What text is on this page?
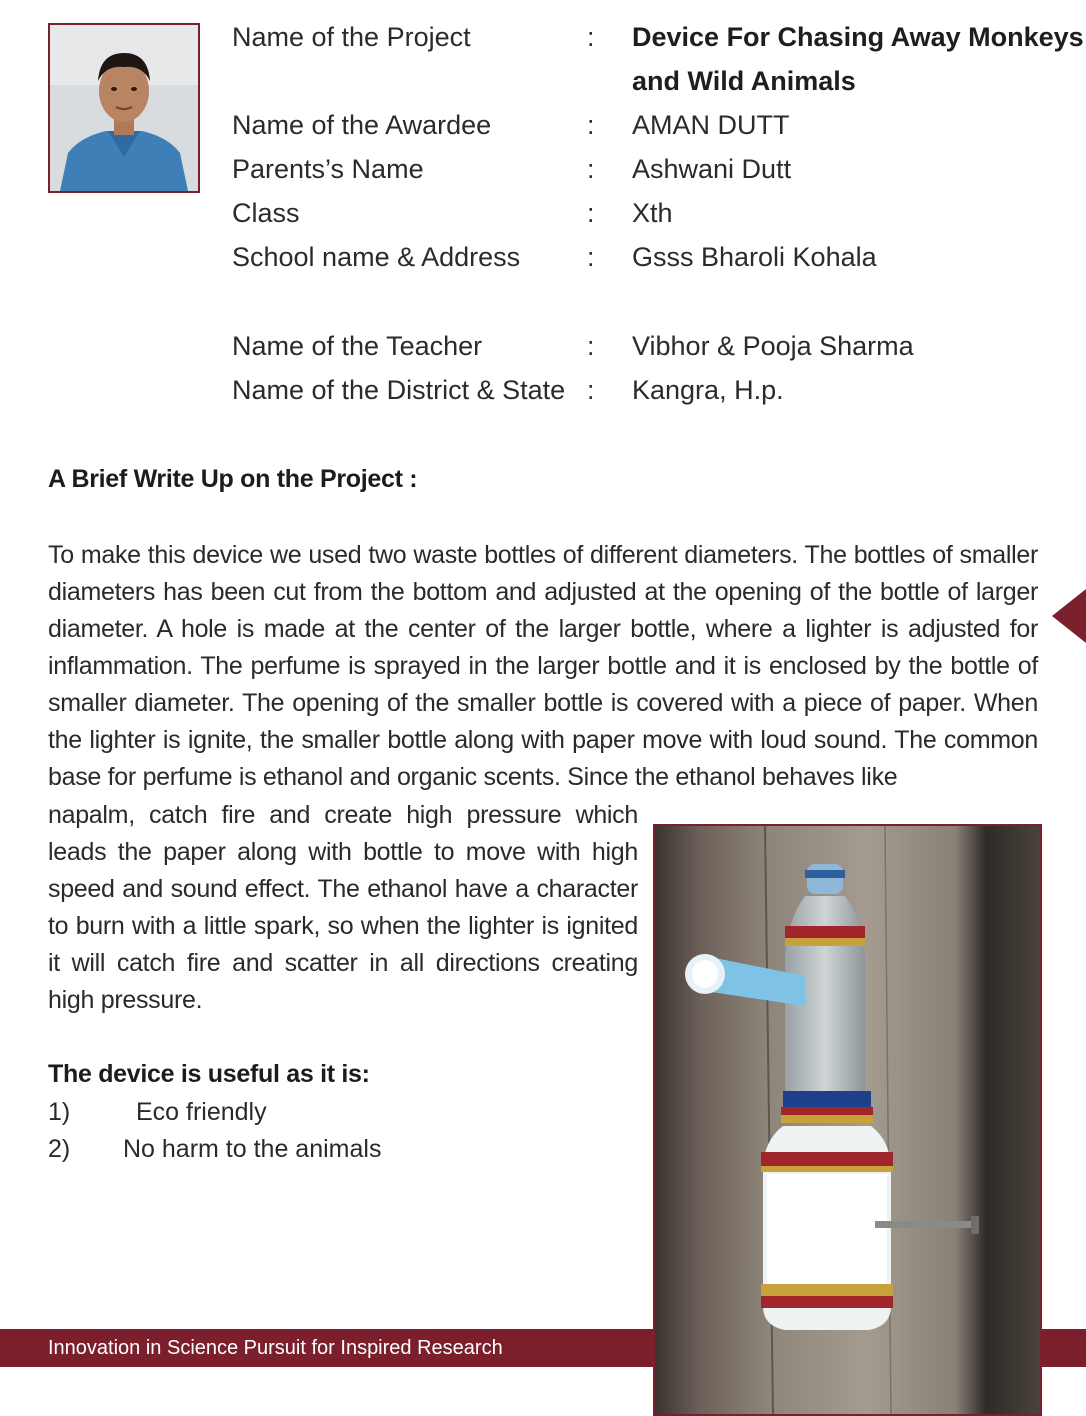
Name of the Project	: Device For Chasing Away Monkeys
and Wild Animals
Name of the Awardee	: AMAN DUTT
Parents’s Name	: Ashwani Dutt
Class	: Xth
School name & Address : Gsss Bharoli Kohala
Name of the Teacher	: Vibhor & Pooja Sharma
Name of the District & State : Kangra, H.p.
A Brief Write Up on the Project :
To make this device we used two waste bottles of different diameters. The bottles of smaller diameters has been cut from the bottom and adjusted at the opening of the bottle of larger diameter. A hole is made at the center of the larger bottle, where a lighter is adjusted for inflammation. The perfume is sprayed in the larger bottle and it is enclosed by the bottle of smaller diameter. The opening of the smaller bottle is covered with a piece of paper. When the lighter is ignite, the smaller bottle along with paper move with loud sound. The common base for perfume is ethanol and organic scents. Since the ethanol behaves like
napalm, catch fire and create high pressure which leads the paper along with bottle to move with high speed and sound effect. The ethanol have a character to burn with a little spark, so when the lighter is ignited it will catch fire and scatter in all directions creating high pressure.
The device is useful as it is:
1)	Eco friendly
2) No harm to the animals
Innovation in Science Pursuit for Inspired Research
